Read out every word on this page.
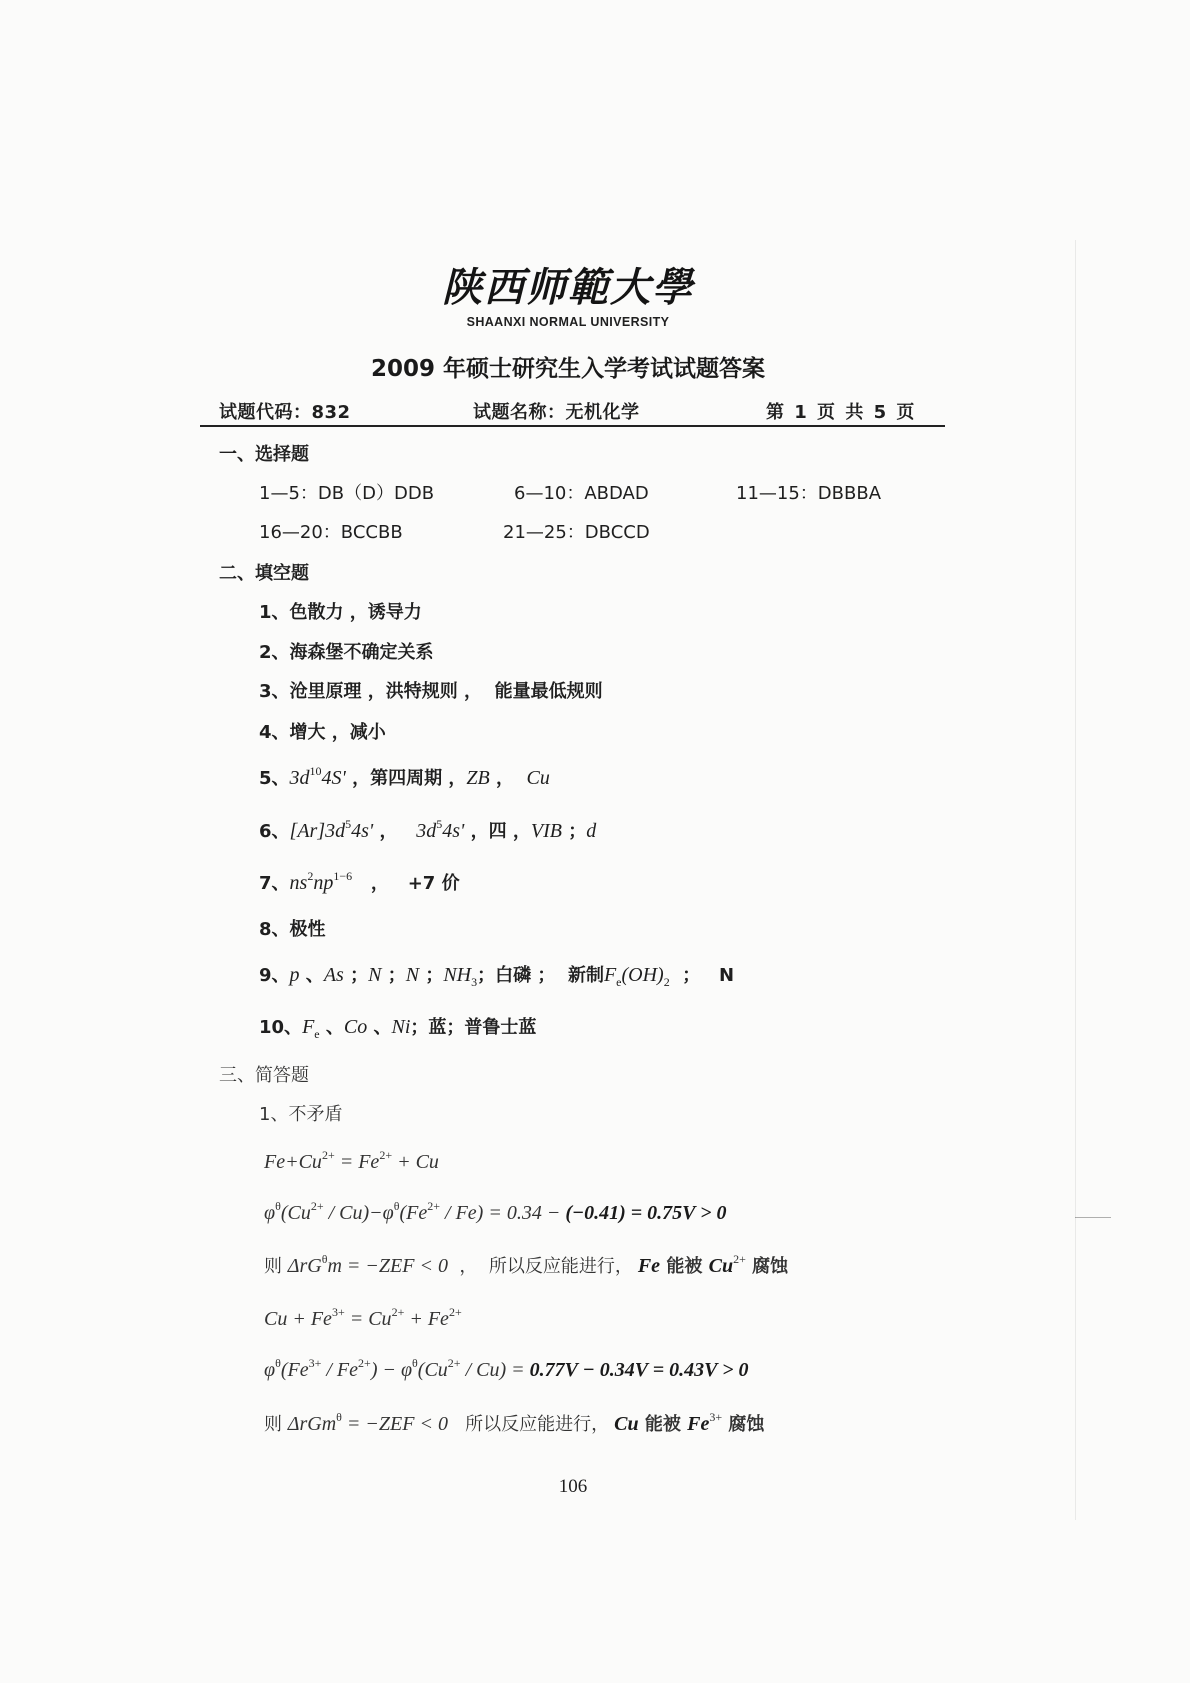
陕西师範大學
SHAANXI NORMAL UNIVERSITY
2009 年硕士研究生入学考试试题答案
试题代码：832	试题名称：无机化学	第 1 页 共 5 页
一、选择题
1—5：DB（D）DDB	6—10：ABDAD	11—15：DBBBA
16—20：BCCBB	21—25：DBCCD
二、填空题
1、色散力 ，诱导力
2、海森堡不确定关系
3、沧里原理 ，洪特规则 ，  能量最低规则
4、增大 ，减小
5、$3d^{10}4S'$ ，第四周期 ，ZB ，  Cu
6、$[Ar]3d^54s'$ ，   $3d^54s'$ ，四 ，VIB ；d
7、$ns^2np^{1-6}$   ，   +7 价
8、极性
9、p 、As ；N ；N ；$NH_3$；白磷 ；  新制$F_e(OH)_2$  ；   N
10、$F_e$ 、Co 、Ni；蓝；普鲁士蓝
三、简答题
1、不矛盾
$Fe+Cu^{2+} = Fe^{2+} + Cu$
$\varphi^\theta(Cu^{2+} / Cu)-\varphi^\theta(Fe^{2+} / Fe) = 0.34 - (-0.41) = 0.75V > 0$
则 ΔrG$^\theta$m = −ZEF < 0  ，  所以反应能进行， Fe 能被 $Cu^{2+}$ 腐蚀
$Cu + Fe^{3+} = Cu^{2+} + Fe^{2+}$
$\varphi^\theta(Fe^{3+} / Fe^{2+}) - \varphi^\theta(Cu^{2+} / Cu) = 0.77V - 0.34V = 0.43V > 0$
则 ΔrGm$^\theta$ = −ZEF < 0   所以反应能进行， Cu 能被 $Fe^{3+}$ 腐蚀
106
